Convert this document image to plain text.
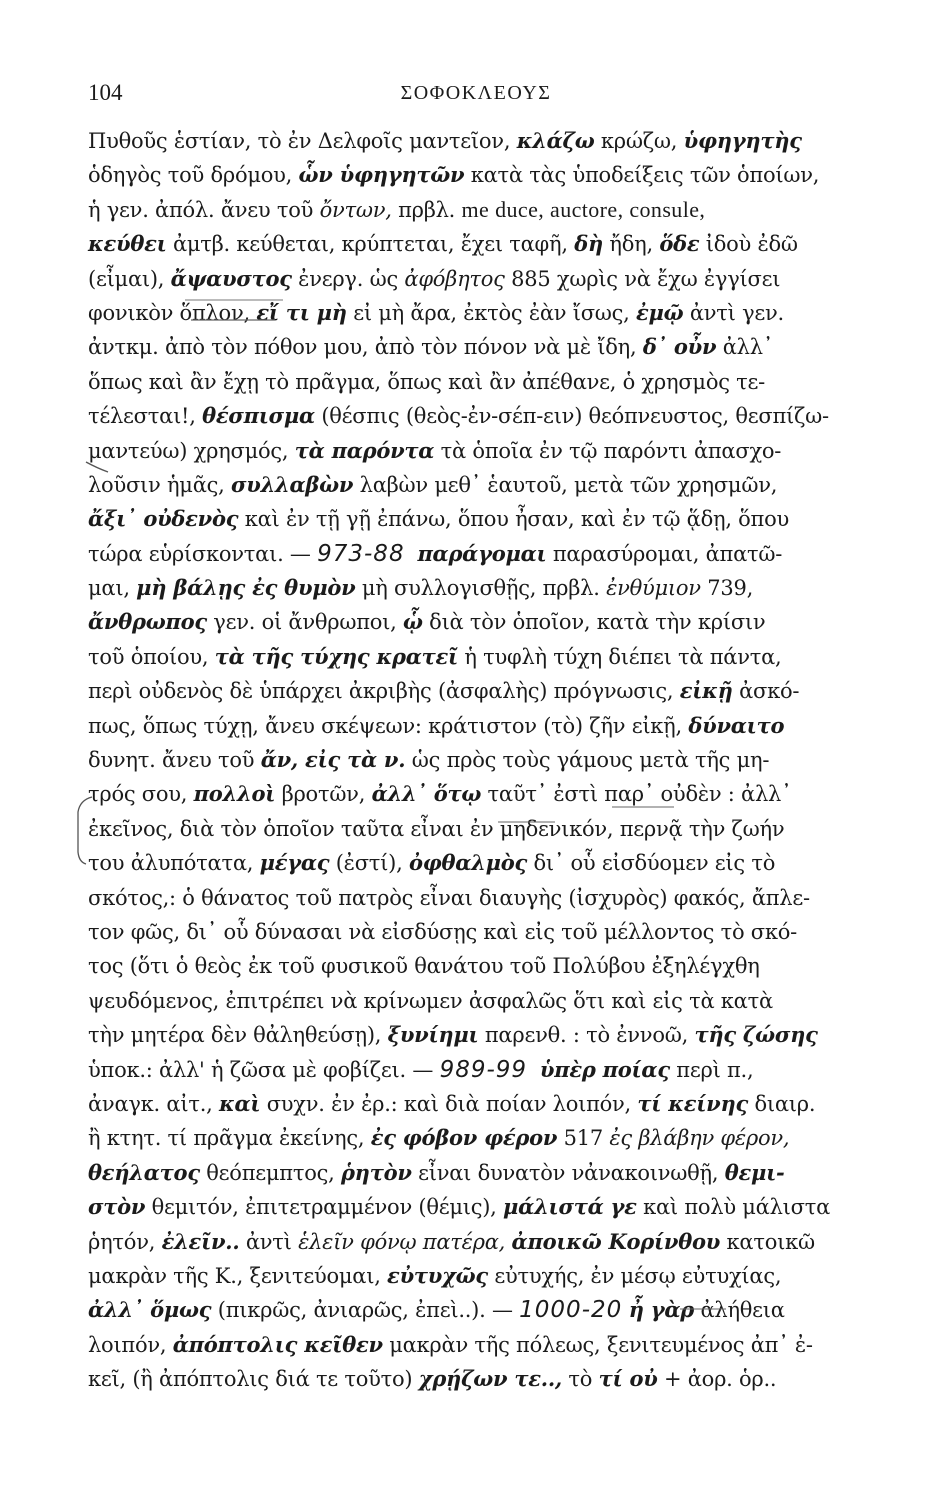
104	ΣΟΦΟΚΛΕΟΥΣ
Πυθοῦς ἑστίαν, τὸ ἐν Δελφοῖς μαντεῖον, κλάζω κρώζω, ὑφηγητὴς
ὁδηγὸς τοῦ δρόμου, ὧν ὑφηγητῶν κατὰ τὰς ὑποδείξεις τῶν ὁποίων,
ἡ γεν. ἀπόλ. ἄνευ τοῦ ὄντων, πρβλ. me duce, auctore, consule,
κεύθει ἀμτβ. κεύθεται, κρύπτεται, ἔχει ταφῆ, δὴ ἤδη, ὅδε ἰδοὺ ἐδῶ
(εἶμαι), ἄψαυστος ἐνεργ. ὡς ἀφόβητος 885 χωρὶς νὰ ἔχω ἐγγίσει
φονικὸν ὅπλον, εἴ τι μὴ εἰ μὴ ἄρα, ἐκτὸς ἐὰν ἴσως, ἐμῷ ἀντὶ γεν.
ἀντκμ. ἀπὸ τὸν πόθον μου, ἀπὸ τὸν πόνον νὰ μὲ ἴδη, δ᾽ οὖν ἀλλ᾽
ὅπως καὶ ἂν ἔχῃ τὸ πρᾶγμα, ὅπως καὶ ἂν ἀπέθανε, ὁ χρησμὸς τε-
τέλεσται!, θέσπισμα (θέσπις (θεὸς-ἐν-σέπ-ειν) θεόπνευστος, θεσπίζω-
μαντεύω) χρησμός, τὰ παρόντα τὰ ὁποῖα ἐν τῷ παρόντι ἀπασχο-
λοῦσιν ἡμᾶς, συλλαβὼν λαβὼν μεθ᾽ ἑαυτοῦ, μετὰ τῶν χρησμῶν,
ἄξι᾽ οὐδενὸς καὶ ἐν τῇ γῇ ἐπάνω, ὅπου ἦσαν, καὶ ἐν τῷ ᾅδῃ, ὅπου
τώρα εὑρίσκονται. — 973-88 παράγομαι παρασύρομαι, ἀπατῶ-
μαι, μὴ βάλῃς ἐς θυμὸν μὴ συλλογισθῇς, πρβλ. ἐνθύμιον 739,
ἄνθρωπος γεν. οἱ ἄνθρωποι, ᾧ διὰ τὸν ὁποῖον, κατὰ τὴν κρίσιν
τοῦ ὁποίου, τὰ τῆς τύχης κρατεῖ ἡ τυφλὴ τύχη διέπει τὰ πάντα,
περὶ οὐδενὸς δὲ ὑπάρχει ἀκριβὴς (ἀσφαλὴς) πρόγνωσις, εἰκῇ ἀσκό-
πως, ὅπως τύχῃ, ἄνευ σκέψεων: κράτιστον (τὸ) ζῆν εἰκῇ, δύναιτο
δυνητ. ἄνευ τοῦ ἄν, εἰς τὰ ν. ὡς πρὸς τοὺς γάμους μετὰ τῆς μη-
τρός σου, πολλοὶ βροτῶν, ἀλλ᾽ ὅτῳ ταῦτ᾽ ἐστὶ παρ᾽ οὐδὲν : ἀλλ᾽
ἐκεῖνος, διὰ τὸν ὁποῖον ταῦτα εἶναι ἐν μηδενικόν, περνᾷ τὴν ζωήν
του ἀλυπότατα, μέγας (ἐστί), ὀφθαλμὸς δι᾽ οὗ εἰσδύομεν εἰς τὸ
σκότος,: ὁ θάνατος τοῦ πατρὸς εἶναι διαυγὴς (ἰσχυρὸς) φακός, ἄπλε-
τον φῶς, δι᾽ οὗ δύνασαι νὰ εἰσδύσῃς καὶ εἰς τοῦ μέλλοντος τὸ σκό-
τος (ὅτι ὁ θεὸς ἐκ τοῦ φυσικοῦ θανάτου τοῦ Πολύβου ἐξηλέγχθη
ψευδόμενος, ἐπιτρέπει νὰ κρίνωμεν ἀσφαλῶς ὅτι καὶ εἰς τὰ κατὰ
τὴν μητέρα δὲν θἀληθεύσῃ), ξυνίημι παρενθ. : τὸ ἐννοῶ, τῆς ζώσης
ὑποκ.: ἀλλ' ἡ ζῶσα μὲ φοβίζει. — 989-99 ὑπὲρ ποίας περὶ π.,
ἀναγκ. αἰτ., καὶ συχν. ἐν ἐρ.: καὶ διὰ ποίαν λοιπόν, τί κείνης διαιρ.
ἢ κτητ. τί πρᾶγμα ἐκείνης, ἐς φόβον φέρον 517 ἐς βλάβην φέρον,
θεήλατος θεόπεμπτος, ῥητὸν εἶναι δυνατὸν νἀνακοινωθῇ, θεμι-
στὸν θεμιτόν, ἐπιτετραμμένον (θέμις), μάλιστά γε καὶ πολὺ μάλιστα
ῥητόν, ἐλεῖν.. ἀντὶ ἑλεῖν φόνῳ πατέρα, ἀποικῶ Κορίνθου κατοικῶ
μακρὰν τῆς Κ., ξενιτεύομαι, εὐτυχῶς εὐτυχής, ἐν μέσῳ εὐτυχίας,
ἀλλ᾽ ὅμως (πικρῶς, ἀνιαρῶς, ἐπεὶ..). — 1000-20 ἦ γὰρ ἀλήθεια
λοιπόν, ἀπόπτολις κεῖθεν μακρὰν τῆς πόλεως, ξενιτευμένος ἀπ᾽ ἐ-
κεῖ, (ἢ ἀπόπτολις διά τε τοῦτο) χρῄζων τε.., τὸ τί οὐ + ἀορ. ὁρ..
